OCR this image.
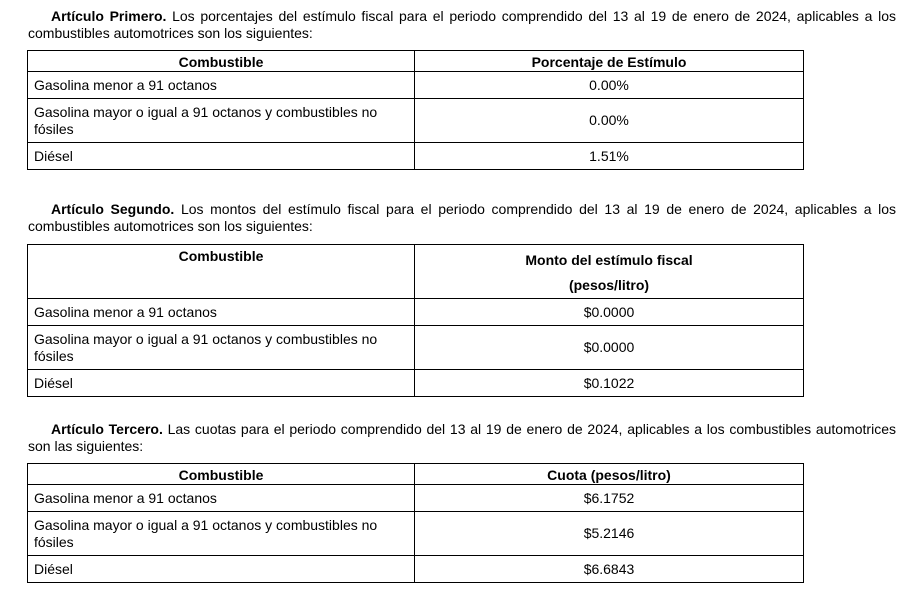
Artículo Primero. Los porcentajes del estímulo fiscal para el periodo comprendido del 13 al 19 de enero de 2024, aplicables a los combustibles automotrices son los siguientes:
Combustible	Porcentaje de Estímulo
Gasolina menor a 91 octanos	0.00%
Gasolina mayor o igual a 91 octanos y combustibles no fósiles	0.00%
Diésel	1.51%
Artículo Segundo. Los montos del estímulo fiscal para el periodo comprendido del 13 al 19 de enero de 2024, aplicables a los combustibles automotrices son los siguientes:
Combustible	Monto del estímulo fiscal
(pesos/litro)

Gasolina menor a 91 octanos	$0.0000
Gasolina mayor o igual a 91 octanos y combustibles no fósiles	$0.0000
Diésel	$0.1022
Artículo Tercero. Las cuotas para el periodo comprendido del 13 al 19 de enero de 2024, aplicables a los combustibles automotrices son las siguientes:
Combustible	Cuota (pesos/litro)
Gasolina menor a 91 octanos	$6.1752
Gasolina mayor o igual a 91 octanos y combustibles no fósiles	$5.2146
Diésel	$6.6843
